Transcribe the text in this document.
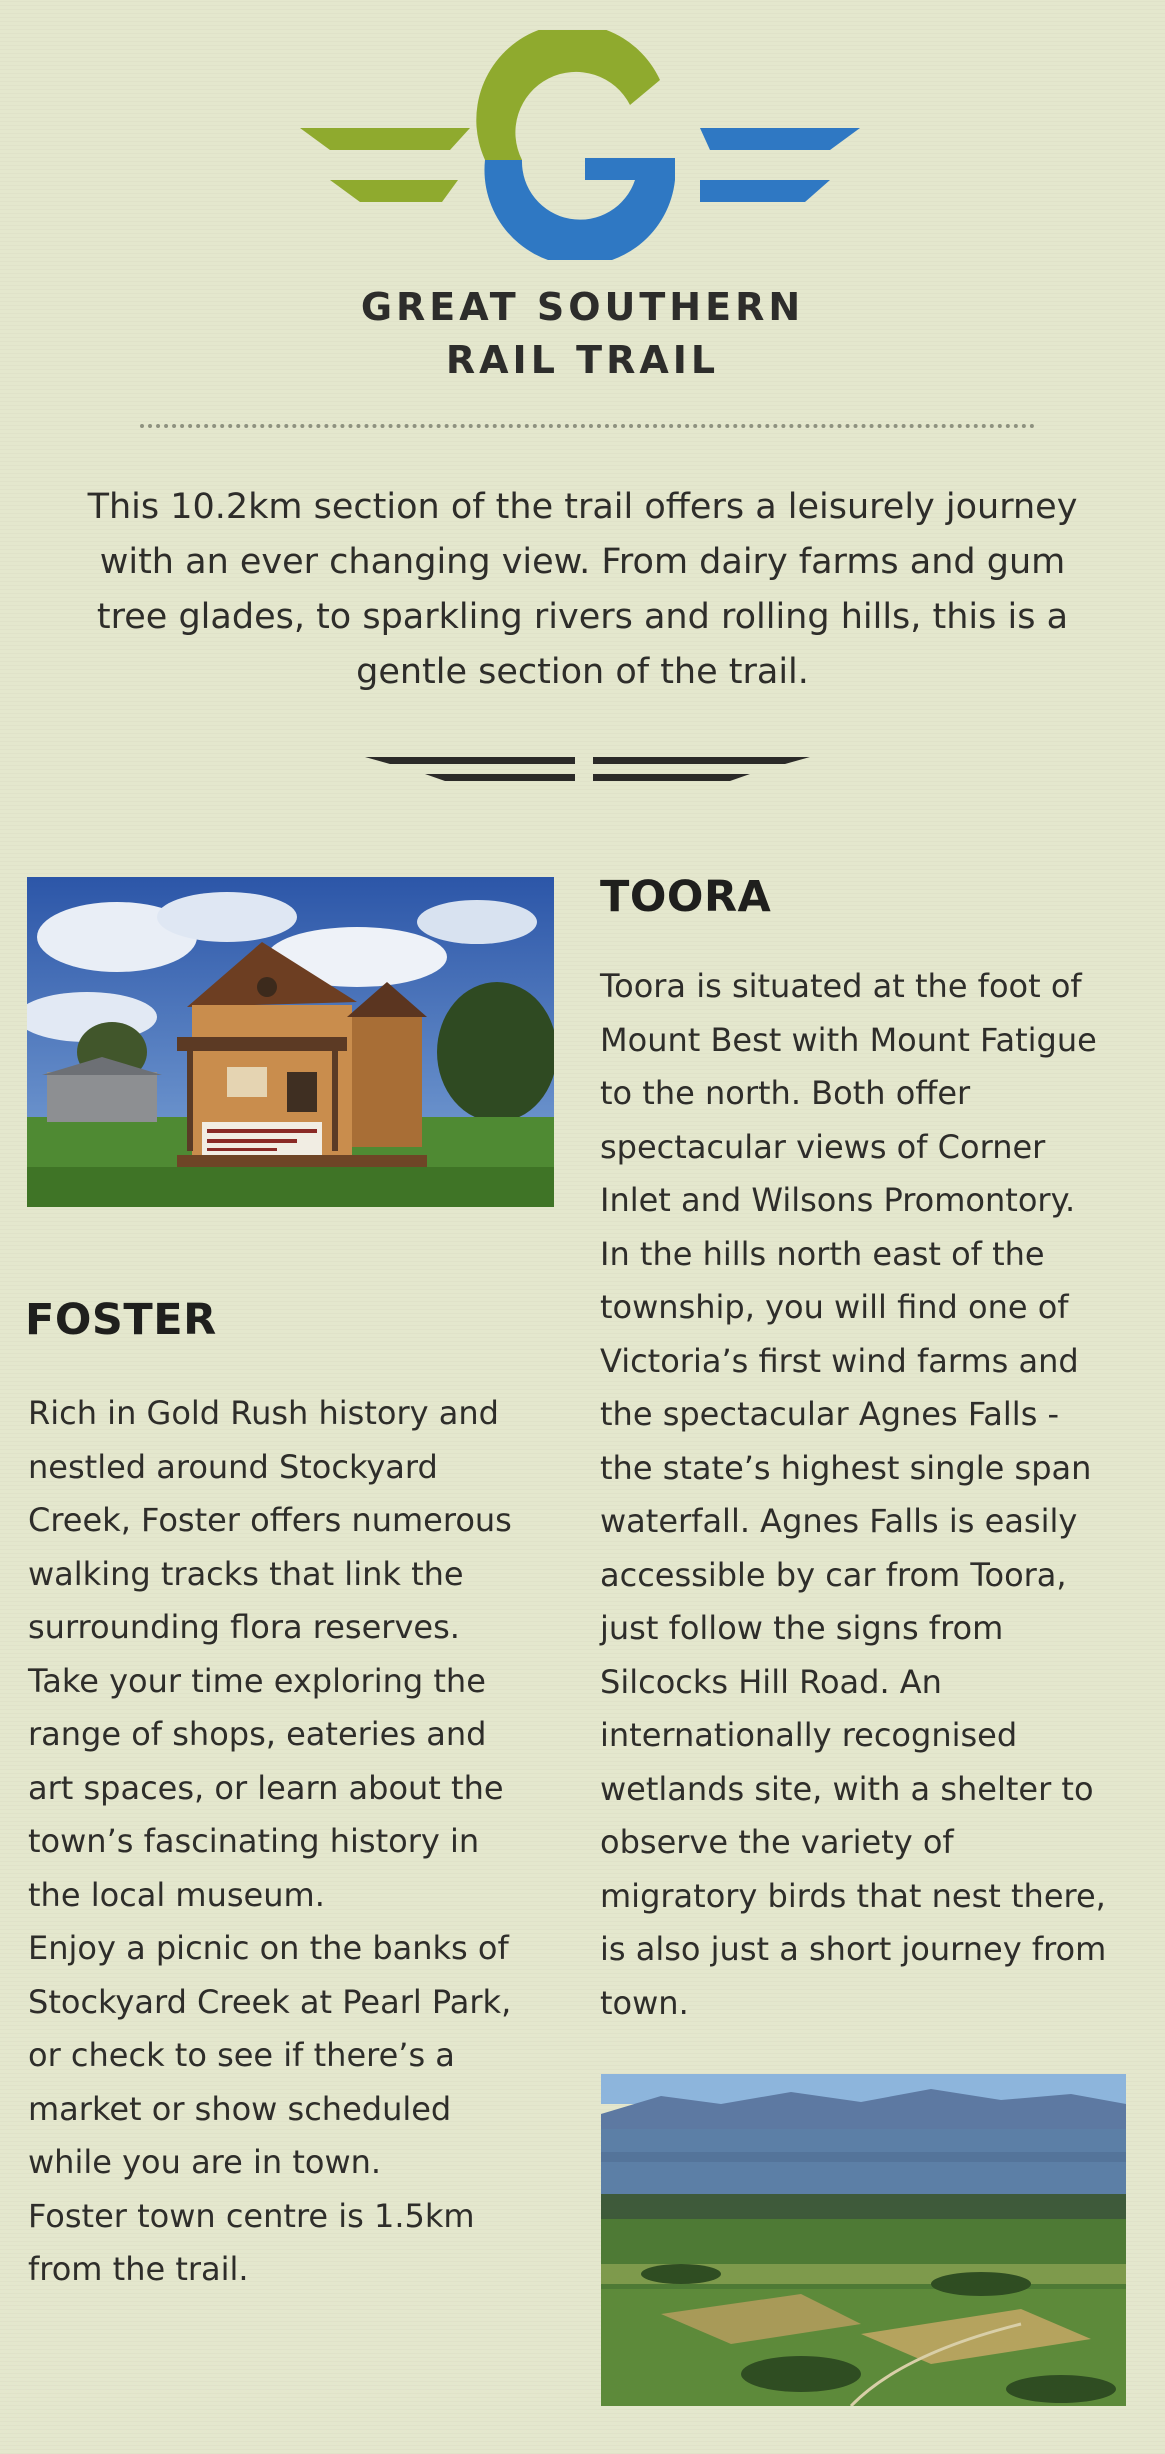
GREAT SOUTHERN
RAIL TRAIL
This 10.2km section of the trail offers a leisurely journey
with an ever changing view. From dairy farms and gum
tree glades, to sparkling rivers and rolling hills, this is a
gentle section of the trail.
TOORA
Toora is situated at the foot of
Mount Best with Mount Fatigue
to the north. Both offer
spectacular views of Corner
Inlet and Wilsons Promontory.
In the hills north east of the
township, you will find one of
Victoria’s first wind farms and
the spectacular Agnes Falls -
the state’s highest single span
waterfall. Agnes Falls is easily
accessible by car from Toora,
just follow the signs from
Silcocks Hill Road. An
internationally recognised
wetlands site, with a shelter to
observe the variety of
migratory birds that nest there,
is also just a short journey from
town.
FOSTER
Rich in Gold Rush history and
nestled around Stockyard
Creek, Foster offers numerous
walking tracks that link the
surrounding flora reserves.
Take your time exploring the
range of shops, eateries and
art spaces, or learn about the
town’s fascinating history in
the local museum.
Enjoy a picnic on the banks of
Stockyard Creek at Pearl Park,
or check to see if there’s a
market or show scheduled
while you are in town.
Foster town centre is 1.5km
from the trail.
